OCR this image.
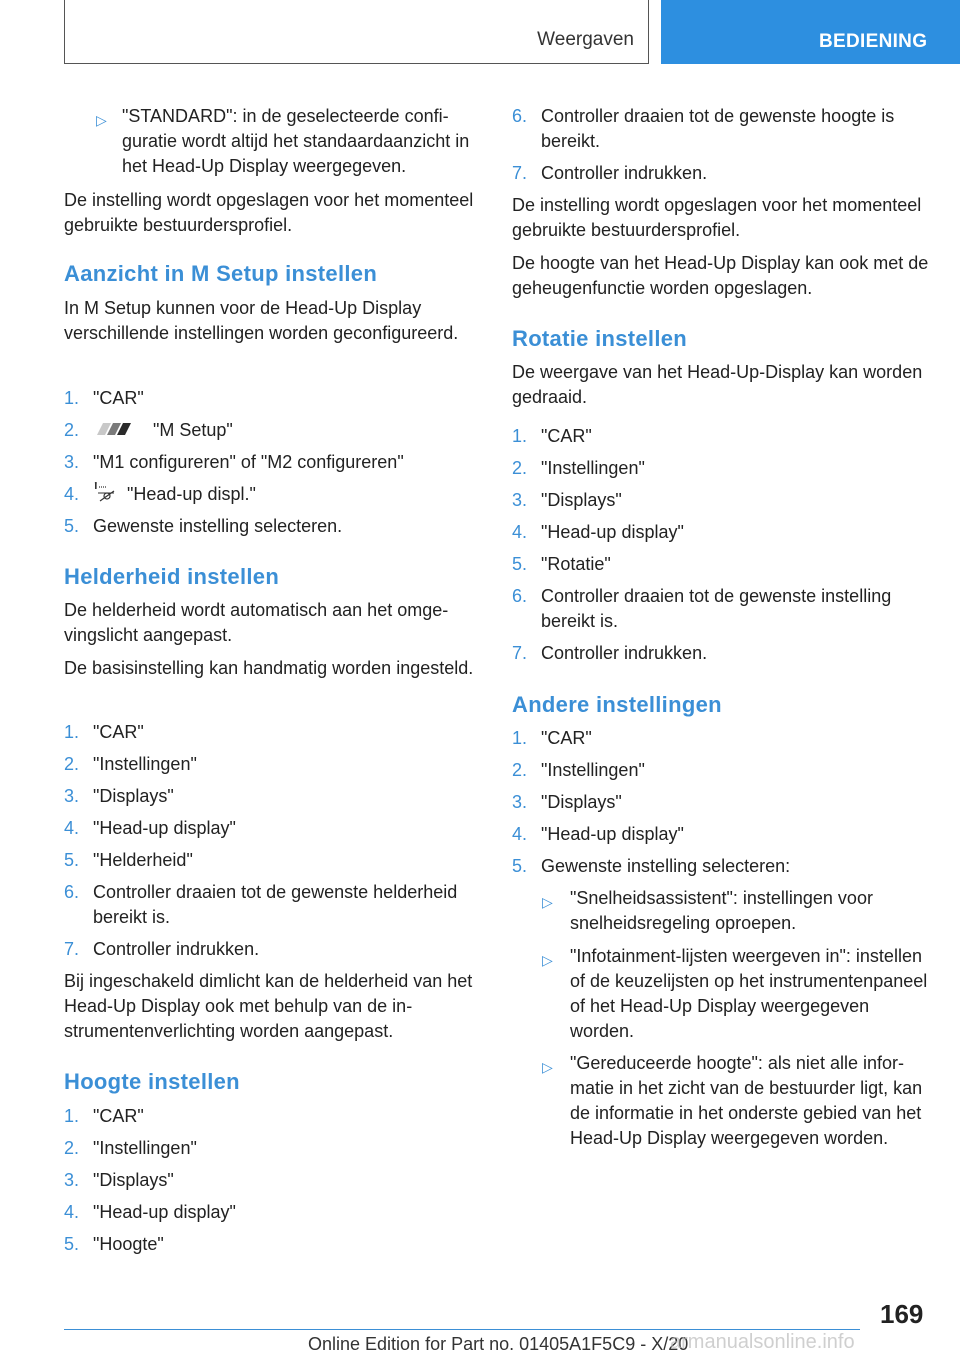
Weergaven	BEDIENING
▷ "STANDARD": in de geselecteerde configuratie wordt altijd het standaardaanzicht in het Head-Up Display weergegeven.

De instelling wordt opgeslagen voor het momenteel gebruikte bestuurdersprofiel.

Aanzicht in M Setup instellen

In M Setup kunnen voor de Head-Up Display verschillende instellingen worden geconfigureerd.

1. "CAR"
2.	"M Setup"
3. "M1 configureren" of "M2 configureren"
4.	"Head-up displ."
5. Gewenste instelling selecteren.
Helderheid instellen

De helderheid wordt automatisch aan het omgevingslicht aangepast.

De basisinstelling kan handmatig worden ingesteld.

1. "CAR"
2. "Instellingen"
3. "Displays"
4. "Head-up display"
5. "Helderheid"
6. Controller draaien tot de gewenste helderheid bereikt is.
7. Controller indrukken.

Bij ingeschakeld dimlicht kan de helderheid van het Head-Up Display ook met behulp van de instrumentenverlichting worden aangepast.

Hoogte instellen
1. "CAR"
2. "Instellingen"
3. "Displays"
4. "Head-up display"
5. "Hoogte"
6. Controller draaien tot de gewenste hoogte is bereikt.
7. Controller indrukken.

De instelling wordt opgeslagen voor het momenteel gebruikte bestuurdersprofiel.

De hoogte van het Head-Up Display kan ook met de geheugenfunctie worden opgeslagen.

Rotatie instellen

De weergave van het Head-Up-Display kan worden gedraaid.

1. "CAR"
2. "Instellingen"
3. "Displays"
4. "Head-up display"
5. "Rotatie"
6. Controller draaien tot de gewenste instelling bereikt is.
7. Controller indrukken.
Andere instellingen
1. "CAR"
2. "Instellingen"
3. "Displays"
4. "Head-up display"
5. Gewenste instelling selecteren:
▷ "Snelheidsassistent": instellingen voor snelheidsregeling oproepen.
▷ "Infotainment-lijsten weergeven in": instellen of de keuzelijsten op het instrumentenpaneel of het Head-Up Display weergegeven worden.
▷ "Gereduceerde hoogte": als niet alle informatie in het zicht van de bestuurder ligt, kan de informatie in het onderste gebied van het Head-Up Display weergegeven worden.
169
Online Edition for Part no. 01405A1F5C9 - X/20
armanualsonline.info
